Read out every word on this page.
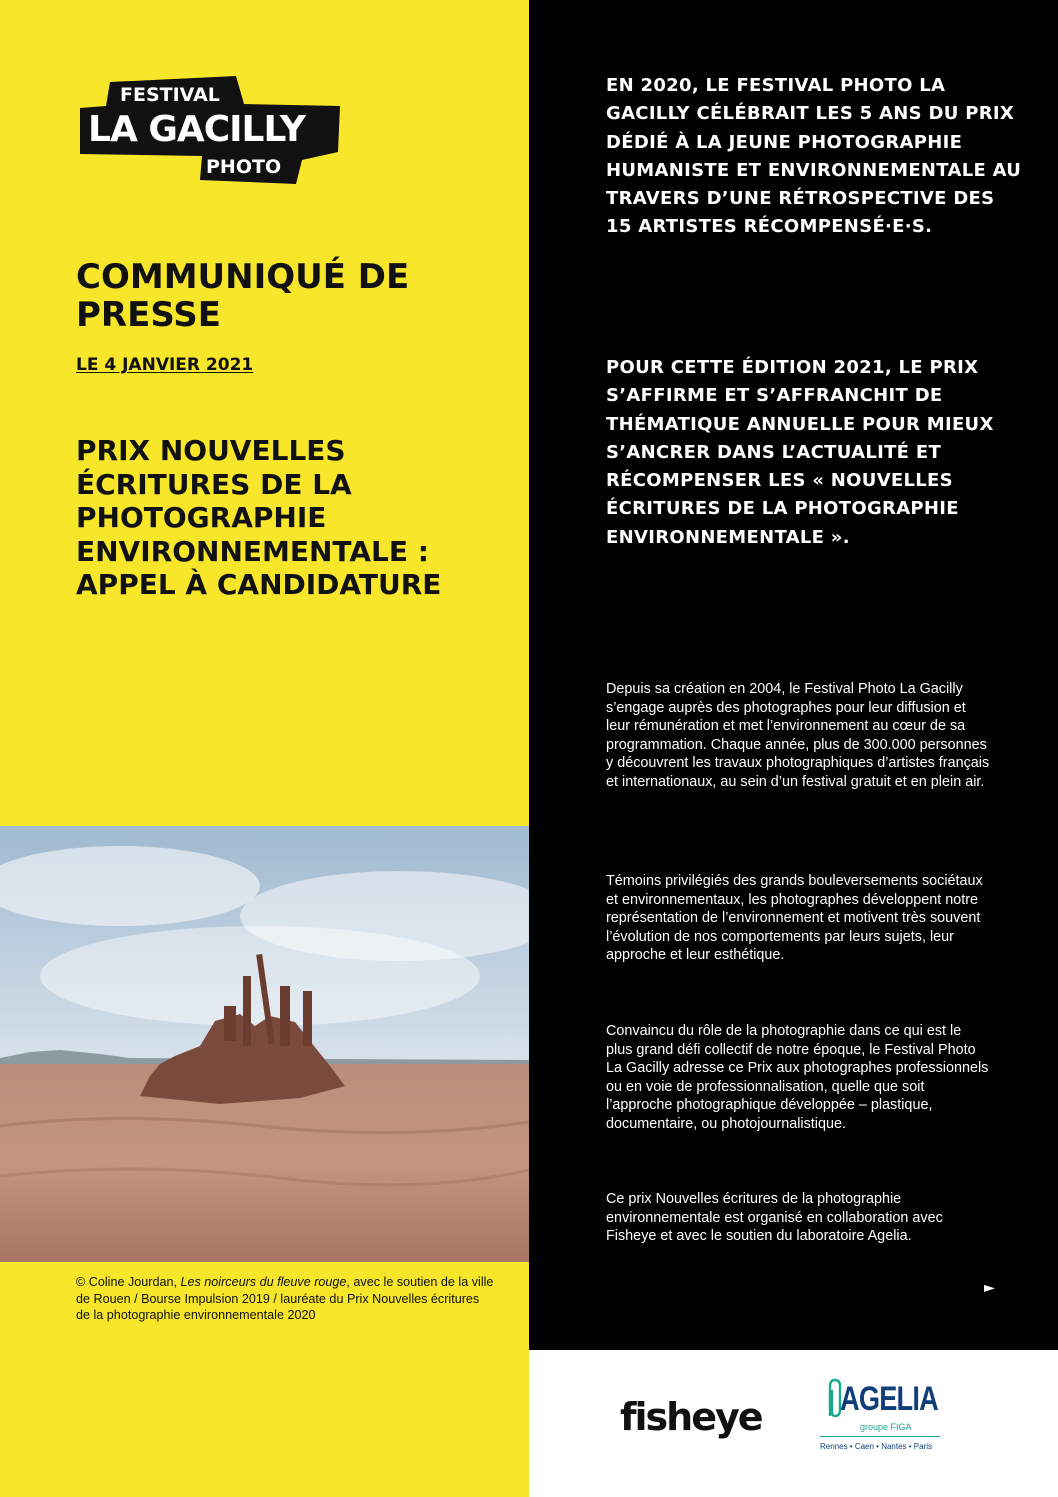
FESTIVAL
LA GACILLY
PHOTO
COMMUNIQUÉ DE PRESSE
LE 4 JANVIER 2021
PRIX NOUVELLES ÉCRITURES DE LA PHOTOGRAPHIE ENVIRONNEMENTALE : APPEL À CANDIDATURE

EN 2020, LE FESTIVAL PHOTO LA GACILLY CÉLÉBRAIT LES 5 ANS DU PRIX DÉDIÉ À LA JEUNE PHOTOGRAPHIE HUMANISTE ET ENVIRONNEMENTALE AU TRAVERS D’UNE RÉTROSPECTIVE DES 15 ARTISTES RÉCOMPENSÉ·E·S.

POUR CETTE ÉDITION 2021, LE PRIX S’AFFIRME ET S’AFFRANCHIT DE THÉMATIQUE ANNUELLE POUR MIEUX S’ANCRER DANS L’ACTUALITÉ ET RÉCOMPENSER LES « NOUVELLES ÉCRITURES DE LA PHOTOGRAPHIE ENVIRONNEMENTALE ».

Depuis sa création en 2004, le Festival Photo La Gacilly s’engage auprès des photographes pour leur diffusion et leur rémunération et met l’environnement au cœur de sa programmation. Chaque année, plus de 300.000 personnes y découvrent les travaux photographiques d’artistes français et internationaux, au sein d’un festival gratuit et en plein air.

Témoins privilégiés des grands bouleversements sociétaux et environnementaux, les photographes développent notre représentation de l’environnement et motivent très souvent l’évolution de nos comportements par leurs sujets, leur approche et leur esthétique.

Convaincu du rôle de la photographie dans ce qui est le plus grand défi collectif de notre époque, le Festival Photo La Gacilly adresse ce Prix aux photographes professionnels ou en voie de professionnalisation, quelle que soit l’approche photographique développée – plastique, documentaire, ou photojournalistique.

Ce prix Nouvelles écritures de la photographie environnementale est organisé en collaboration avec Fisheye et avec le soutien du laboratoire Agelia.

►

© Coline Jourdan, Les noirceurs du fleuve rouge, avec le soutien de la ville de Rouen / Bourse Impulsion 2019 / lauréate du Prix Nouvelles écritures de la photographie environnementale 2020

fisheye AGELIA
groupe FIGA
Rennes • Caen • Nantes • Paris
